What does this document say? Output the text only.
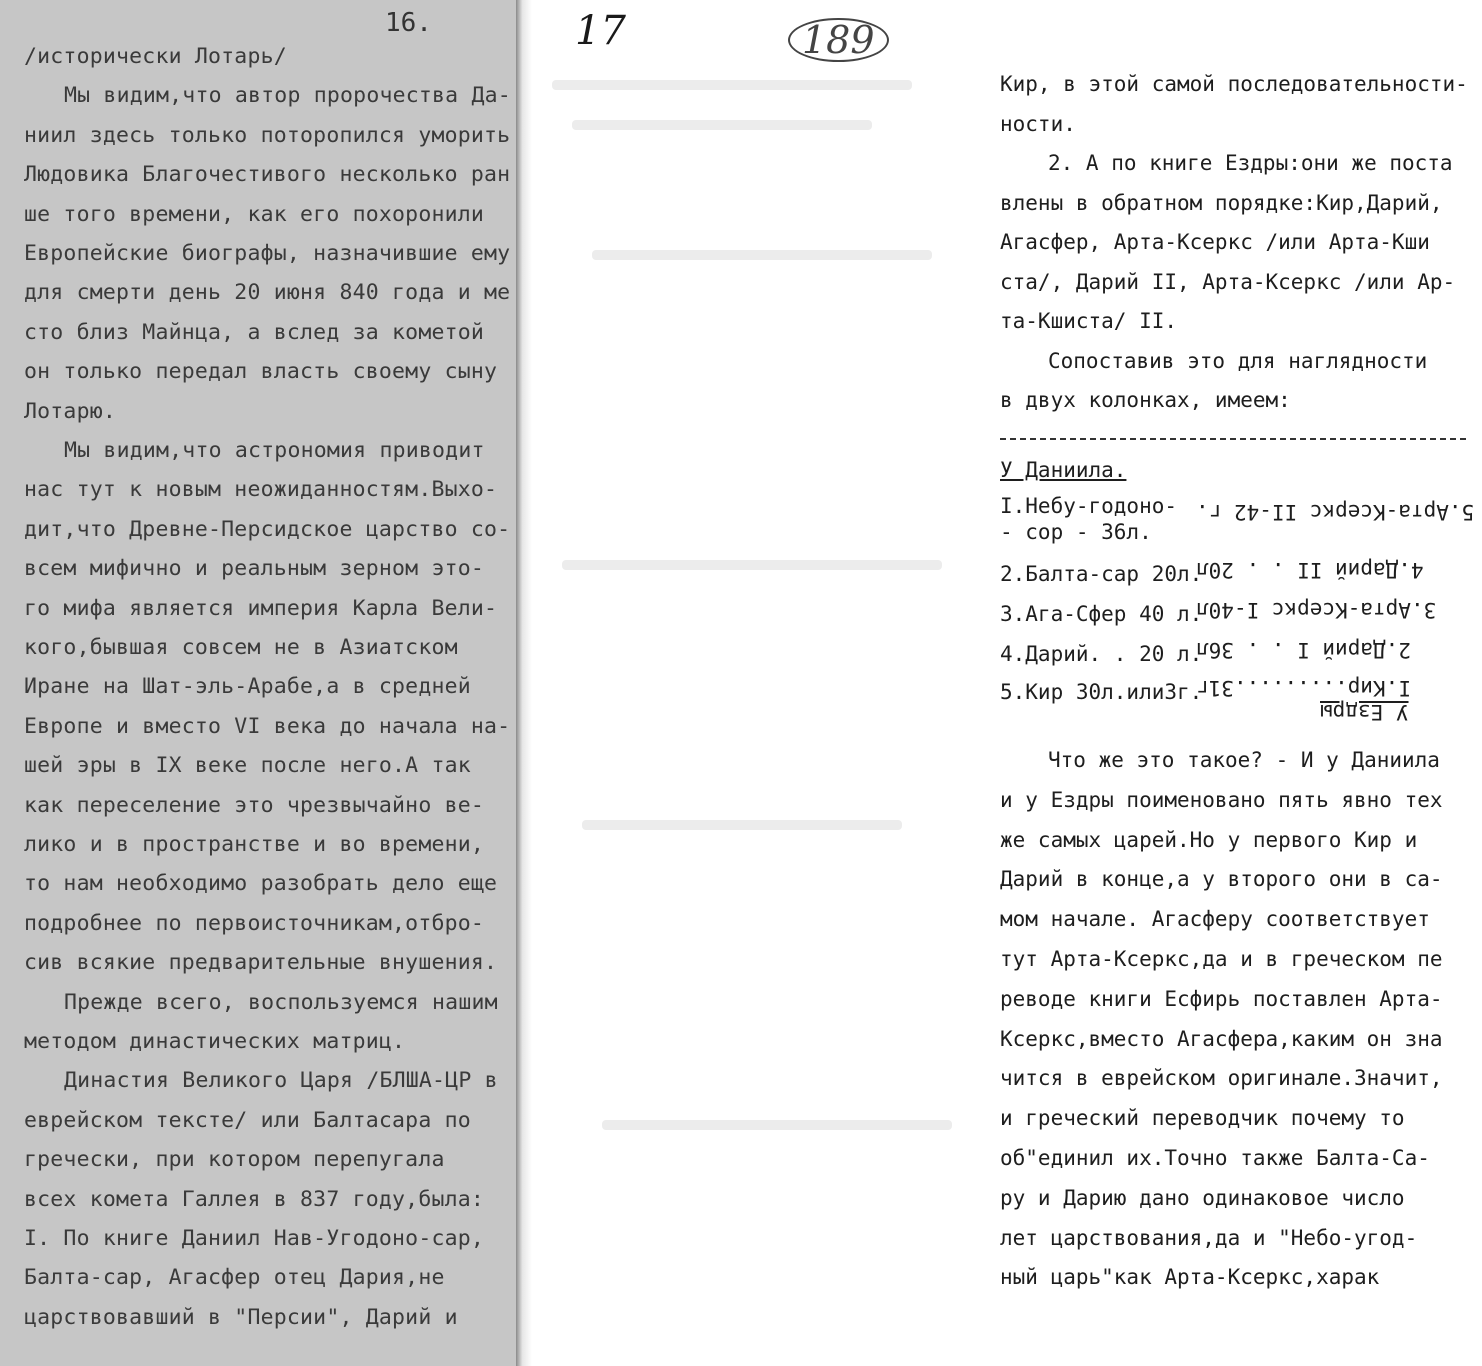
16.
/исторически Лотарь/
Мы видим,что автор пророчества Да-
ниил здесь только поторопился уморить
Людовика Благочестивого несколько ран
ше того времени, как его похоронили
Европейские биографы, назначившие ему
для смерти день 20 июня 840 года и ме
сто близ Майнца, а вслед за кометой
он только передал власть своему сыну
Лотарю.
Мы видим,что астрономия приводит
нас тут к новым неожиданностям.Выхо-
дит,что Древне-Персидское царство со-
всем мифично и реальным зерном это-
го мифа является империя Карла Вели-
кого,бывшая совсем не в Азиатском
Иране на Шат-эль-Арабе,а в средней
Европе и вместо VI века до начала на-
шей эры в IX веке после него.А так
как переселение это чрезвычайно ве-
лико и в пространстве и во времени,
то нам необходимо разобрать дело еще
подробнее по первоисточникам,отбро-
сив всякие предварительные внушения.
Прежде всего, воспользуемся нашим
методом династических матриц.
Династия Великого Царя /БЛША-ЦР в
еврейском тексте/ или Балтасара по
гречески, при котором перепугала
всех комета Галлея в 837 году,была:
I. По книге Даниил Нав-Угодоно-сар,
Балта-сар, Агасфер отец Дария,не
царствовавший в "Персии", Дарий и
17	189
Кир, в этой самой последовательности-
ности.
2. А по книге Ездры:они же поста
влены в обратном порядке:Кир,Дарий,
Агасфер, Арта-Ксеркс /или Арта-Кши
ста/, Дарий II, Арта-Ксеркс /или Ар-
та-Кшиста/ II.
Сопоставив это для наглядности
в двух колонках, имеем:
У Даниила.
I.Небу-годоно-
- сор - 36л.
2.Балта-сар 20л.
3.Ага-Сфер 40 л.
4.Дарий. . 20 л.
5.Кир 30л.или3г.
5.Арта-Ксеркс II-42 г.
4.Дарий II . . 20л
3.Арта-Ксеркс I-40л
2.Дарий I . . 36л
I.Кир.........31г
У Ездры
Что же это такое? - И у Даниила
и у Ездры поименовано пять явно тех
же самых царей.Но у первого Кир и
Дарий в конце,а у второго они в са-
мом начале. Агасферу соответствует
тут Арта-Ксеркс,да и в греческом пе
реводе книги Есфирь поставлен Арта-
Ксеркс,вместо Агасфера,каким он зна
чится в еврейском оригинале.Значит,
и греческий переводчик почему то
об"единил их.Точно также Балта-Са-
ру и Дарию дано одинаковое число
лет царствования,да и "Небо-угод-
ный царь"как Арта-Ксеркс,харак
